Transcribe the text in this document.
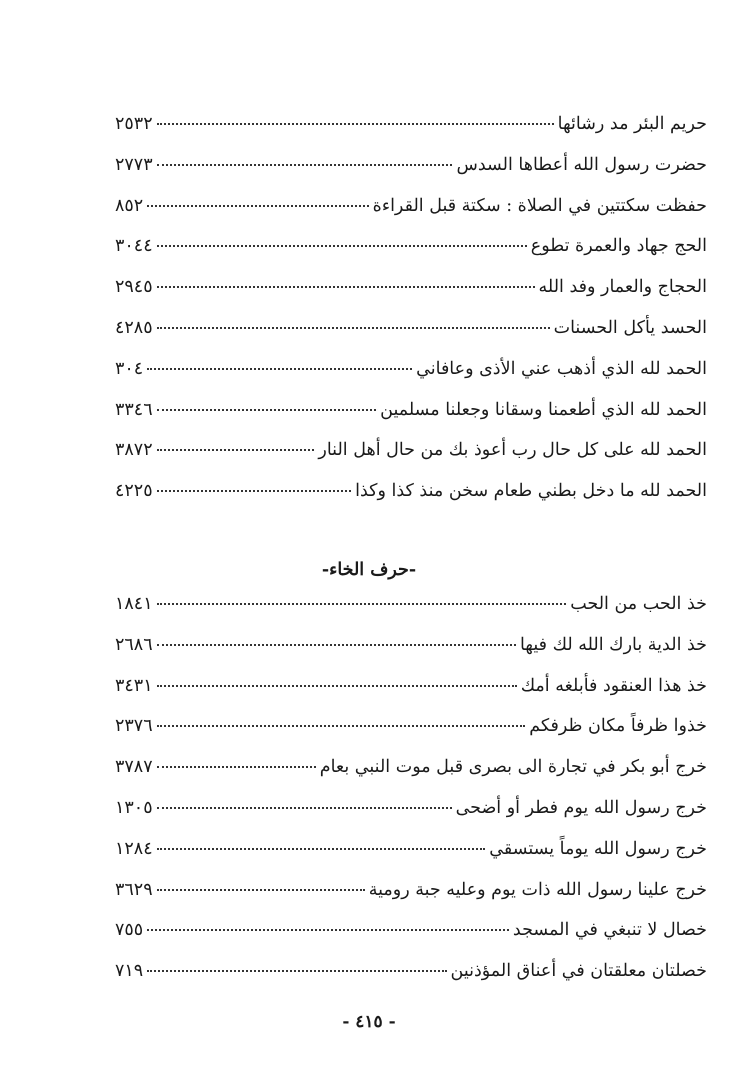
حريم البئر مد رشائها
٢٥٣٢
حضرت رسول الله أعطاها السدس
٢٧٧٣
حفظت سكتتين في الصلاة : سكتة قبل القراءة
٨٥٢
الحج جهاد والعمرة تطوع
٣٠٤٤
الحجاج والعمار وفد الله
٢٩٤٥
الحسد يأكل الحسنات
٤٢٨٥
الحمد لله الذي أذهب عني الأذى وعافاني
٣٠٤
الحمد لله الذي أطعمنا وسقانا وجعلنا مسلمين
٣٣٤٦
الحمد لله على كل حال رب أعوذ بك من حال أهل النار
٣٨٧٢
الحمد لله ما دخل بطني طعام سخن منذ كذا وكذا
٤٢٢٥
-حرف الخاء-
خذ الحب من الحب
١٨٤١
خذ الدية بارك الله لك فيها
٢٦٨٦
خذ هذا العنقود فأبلغه أمك
٣٤٣١
خذوا ظرفاً مكان ظرفكم
٢٣٧٦
خرج أبو بكر في تجارة الى بصرى قبل موت النبي بعام
٣٧٨٧
خرج رسول الله يوم فطر أو أضحى
١٣٠٥
خرج رسول الله يوماً يستسقي
١٢٨٤
خرج علينا رسول الله ذات يوم وعليه جبة رومية
٣٦٢٩
خصال لا تنبغي في المسجد
٧٥٥
خصلتان معلقتان في أعناق المؤذنين
٧١٩
- ٤١٥ -
